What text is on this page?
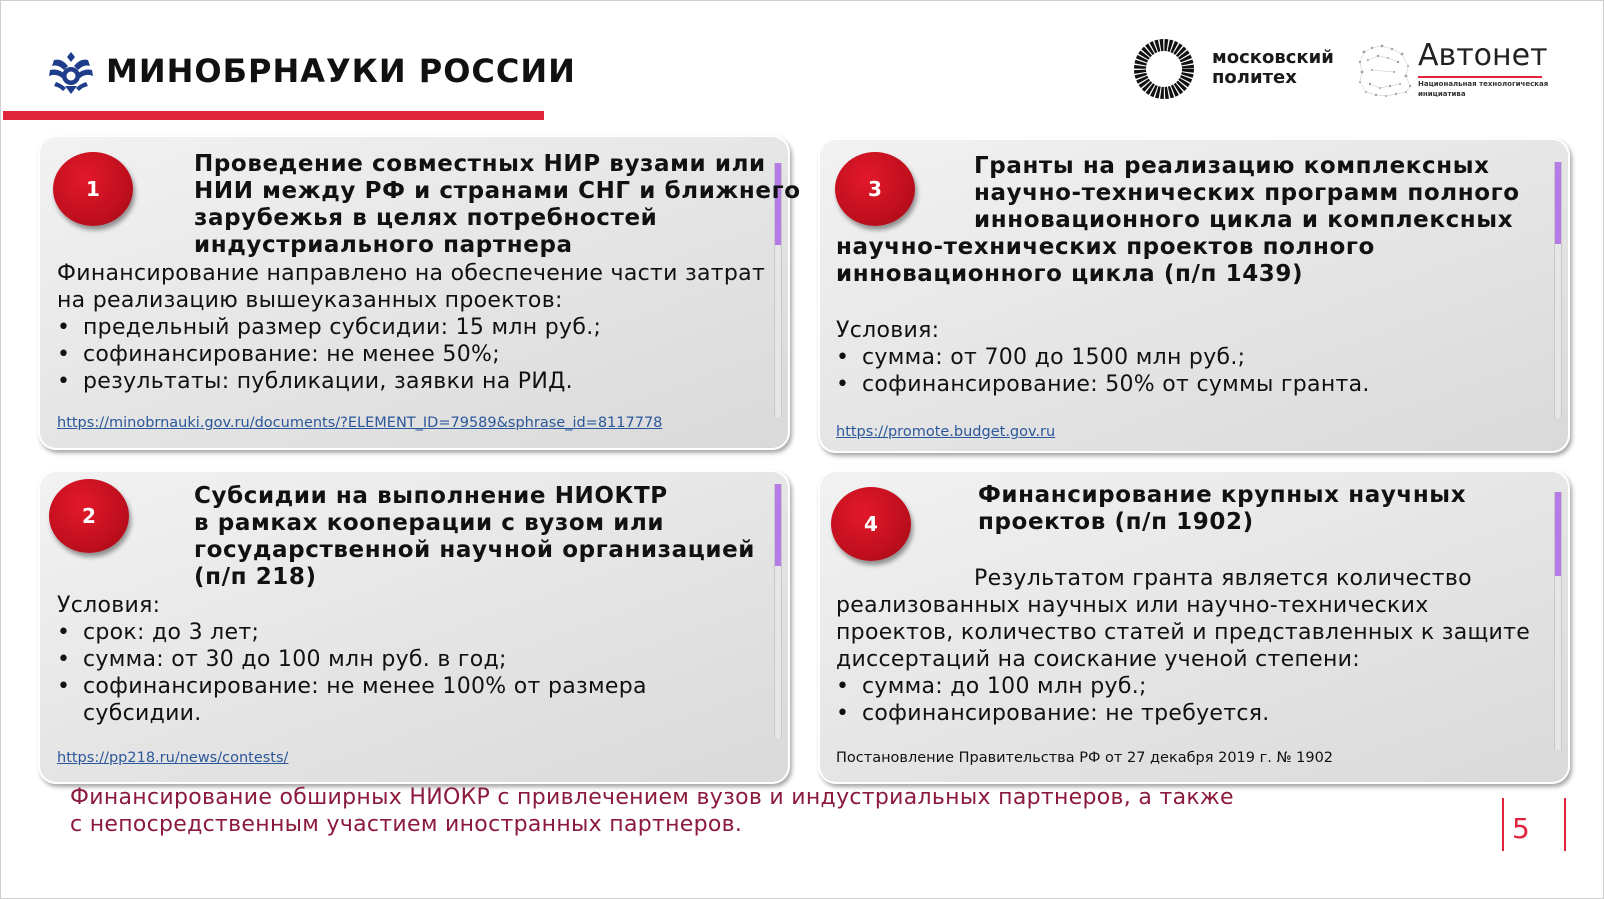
МИНОБРНАУКИ РОССИИ	московский
политех
Автонет
Национальная технологическая
инициатива
1
Проведение совместных НИР вузами или
НИИ между РФ и странами СНГ и ближнего
зарубежья в целях потребностей
индустриального партнера
Финансирование направлено на обеспечение части затрат
на реализацию вышеуказанных проектов:
• предельный размер субсидии: 15 млн руб.;
• софинансирование: не менее 50%;
• результаты: публикации, заявки на РИД.
https://minobrnauki.gov.ru/documents/?ELEMENT_ID=79589&sphrase_id=8117778
3
Гранты на реализацию комплексных
научно-технических программ полного
инновационного цикла и комплексных
научно-технических проектов полного
инновационного цикла (п/п 1439)
Условия:
• сумма: от 700 до 1500 млн руб.;
• софинансирование: 50% от суммы гранта.
https://promote.budget.gov.ru
2
Субсидии на выполнение НИОКТР
в рамках кооперации с вузом или
государственной научной организацией
(п/п 218)
Условия:
• срок: до 3 лет;
• сумма: от 30 до 100 млн руб. в год;
• софинансирование: не менее 100% от размера
субсидии.
https://pp218.ru/news/contests/
4
Финансирование крупных научных
проектов (п/п 1902)
Результатом гранта является количество
реализованных научных или научно-технических
проектов, количество статей и представленных к защите
диссертаций на соискание ученой степени:
• сумма: до 100 млн руб.;
• софинансирование: не требуется.
Постановление Правительства РФ от 27 декабря 2019 г. № 1902
Финансирование обширных НИОКР с привлечением вузов и индустриальных партнеров, а также
с непосредственным участием иностранных партнеров.	5
